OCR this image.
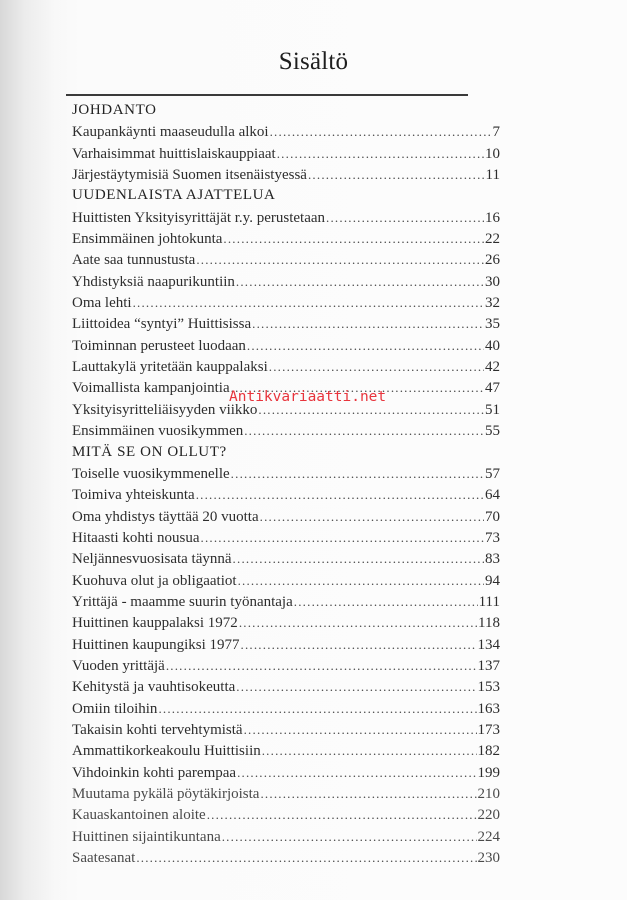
Sisältö
JOHDANTO
Kaupankäynti maaseudulla alkoi .....	7
Varhaisimmat huittislaiskauppiaat .....	10
Järjestäytymisiä Suomen itsenäistyessä .....	11
UUDENLAISTA AJATTELUA
Huittisten Yksityisyrittäjät r.y. perustetaan .....	16
Ensimmäinen johtokunta .....	22
Aate saa tunnustusta .....	26
Yhdistyksiä naapurikuntiin .....	30
Oma lehti .....	32
Liittoidea “syntyi” Huittisissa .....	35
Toiminnan perusteet luodaan .....	40
Lauttakylä yritetään kauppalaksi .....	42
Voimallista kampanjointia .....	47
Yksityisyritteliäisyyden viikko .....	51
Ensimmäinen vuosikymmen .....	55
MITÄ SE ON OLLUT?
Toiselle vuosikymmenelle .....	57
Toimiva yhteiskunta .....	64
Oma yhdistys täyttää 20 vuotta .....	70
Hitaasti kohti nousua .....	73
Neljännesvuosisata täynnä .....	83
Kuohuva olut ja obligaatiot .....	94
Yrittäjä - maamme suurin työnantaja .....	111
Huittinen kauppalaksi 1972 .....	118
Huittinen kaupungiksi 1977 .....	134
Vuoden yrittäjä .....	137
Kehitystä ja vauhtisokeutta .....	153
Omiin tiloihin .....	163
Takaisin kohti tervehtymistä .....	173
Ammattikorkeakoulu Huittisiin .....	182
Vihdoinkin kohti parempaa .....	199
Muutama pykälä pöytäkirjoista .....	210
Kauaskantoinen aloite .....	220
Huittinen sijaintikuntana .....	224
Saatesanat .....	230
Antikvariaatti.net
